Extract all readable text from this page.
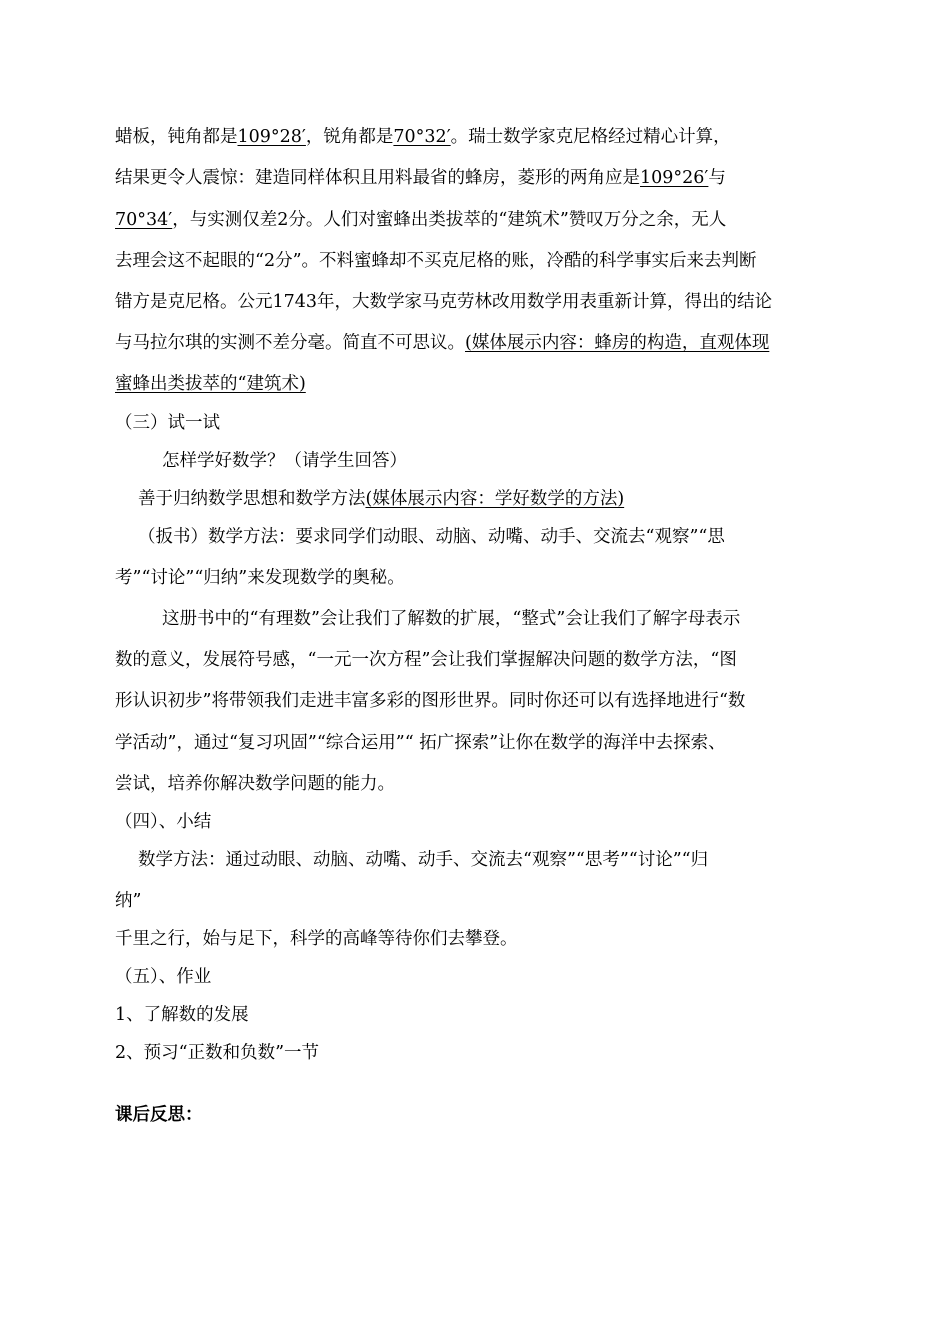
蜡板，钝角都是109°28′，锐角都是70°32′。瑞士数学家克尼格经过精心计算，
结果更令人震惊：建造同样体积且用料最省的蜂房，菱形的两角应是109°26′与
70°34′，与实测仅差2分。人们对蜜蜂出类拔萃的“建筑术”赞叹万分之余，无人
去理会这不起眼的“2分”。不料蜜蜂却不买克尼格的账，冷酷的科学事实后来去判断
错方是克尼格。公元1743年，大数学家马克劳林改用数学用表重新计算，得出的结论
与马拉尔琪的实测不差分毫。简直不可思议。(媒体展示内容：蜂房的构造，直观体现
蜜蜂出类拔萃的“建筑术)
（三）试一试
怎样学好数学？（请学生回答）
善于归纳数学思想和数学方法(媒体展示内容：学好数学的方法)
（扳书）数学方法：要求同学们动眼、动脑、动嘴、动手、交流去“观察”“思
考”“讨论”“归纳”来发现数学的奥秘。
这册书中的“有理数”会让我们了解数的扩展，“整式”会让我们了解字母表示
数的意义，发展符号感，“一元一次方程”会让我们掌握解决问题的数学方法，“图
形认识初步”将带领我们走进丰富多彩的图形世界。同时你还可以有选择地进行“数
学活动”，通过“复习巩固”“综合运用”“ 拓广探索”让你在数学的海洋中去探索、
尝试，培养你解决数学问题的能力。
（四）、小结
数学方法：通过动眼、动脑、动嘴、动手、交流去“观察”“思考”“讨论”“归
纳”
千里之行，始与足下，科学的高峰等待你们去攀登。
（五）、作业
1、了解数的发展
2、预习“正数和负数”一节
课后反思：
